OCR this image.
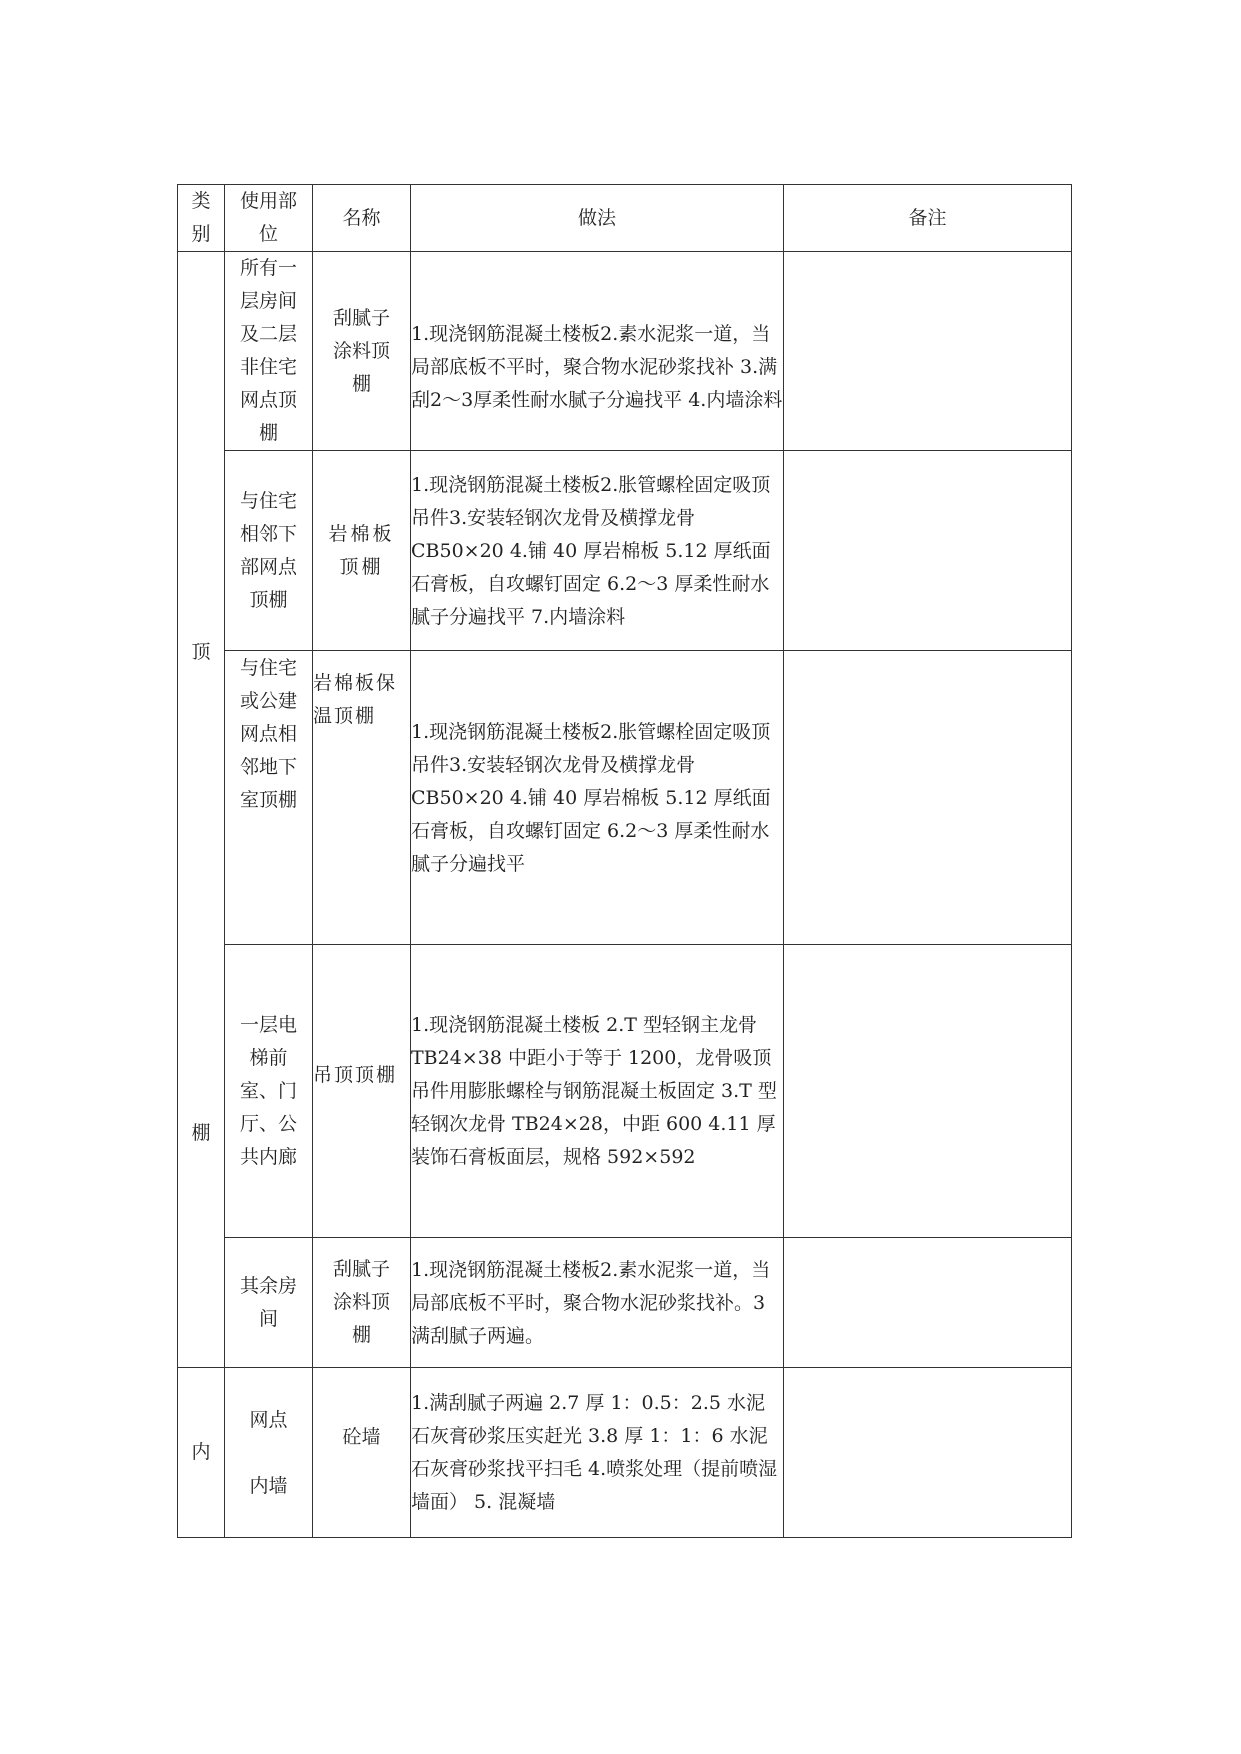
类别	使用部位	名称	做法	备注

顶
棚	所有一层房间及二层非住宅网点顶棚	刮腻子涂料顶棚	1.现浇钢筋混凝土楼板2.素水泥浆一道，当局部底板不平时，聚合物水泥砂浆找补 3.满刮2～3厚柔性耐水腻子分遍找平 4.内墙涂料	

	与住宅相邻下部网点顶棚	岩棉板顶棚	1.现浇钢筋混凝土楼板2.胀管螺栓固定吸顶吊件3.安装轻钢次龙骨及横撑龙骨 CB50×20 4.铺 40 厚岩棉板 5.12 厚纸面石膏板，自攻螺钉固定 6.2～3 厚柔性耐水腻子分遍找平 7.内墙涂料	

	与住宅或公建网点相邻地下室顶棚	岩棉板保温顶棚	1.现浇钢筋混凝土楼板2.胀管螺栓固定吸顶吊件3.安装轻钢次龙骨及横撑龙骨 CB50×20 4.铺 40 厚岩棉板 5.12 厚纸面石膏板，自攻螺钉固定 6.2～3 厚柔性耐水腻子分遍找平	

	一层电梯前室、门厅、公共内廊	吊顶顶棚	1.现浇钢筋混凝土楼板 2.T 型轻钢主龙骨 TB24×38 中距小于等于 1200，龙骨吸顶吊件用膨胀螺栓与钢筋混凝土板固定 3.T 型轻钢次龙骨 TB24×28，中距 600 4.11 厚装饰石膏板面层，规格 592×592	

	其余房间	刮腻子涂料顶棚	1.现浇钢筋混凝土楼板2.素水泥浆一道，当局部底板不平时，聚合物水泥砂浆找补。3 满刮腻子两遍。	

内	网点内墙	砼墙	1.满刮腻子两遍 2.7 厚 1：0.5：2.5 水泥石灰膏砂浆压实赶光 3.8 厚 1：1：6 水泥石灰膏砂浆找平扫毛 4.喷浆处理（提前喷湿墙面） 5. 混凝墙	
